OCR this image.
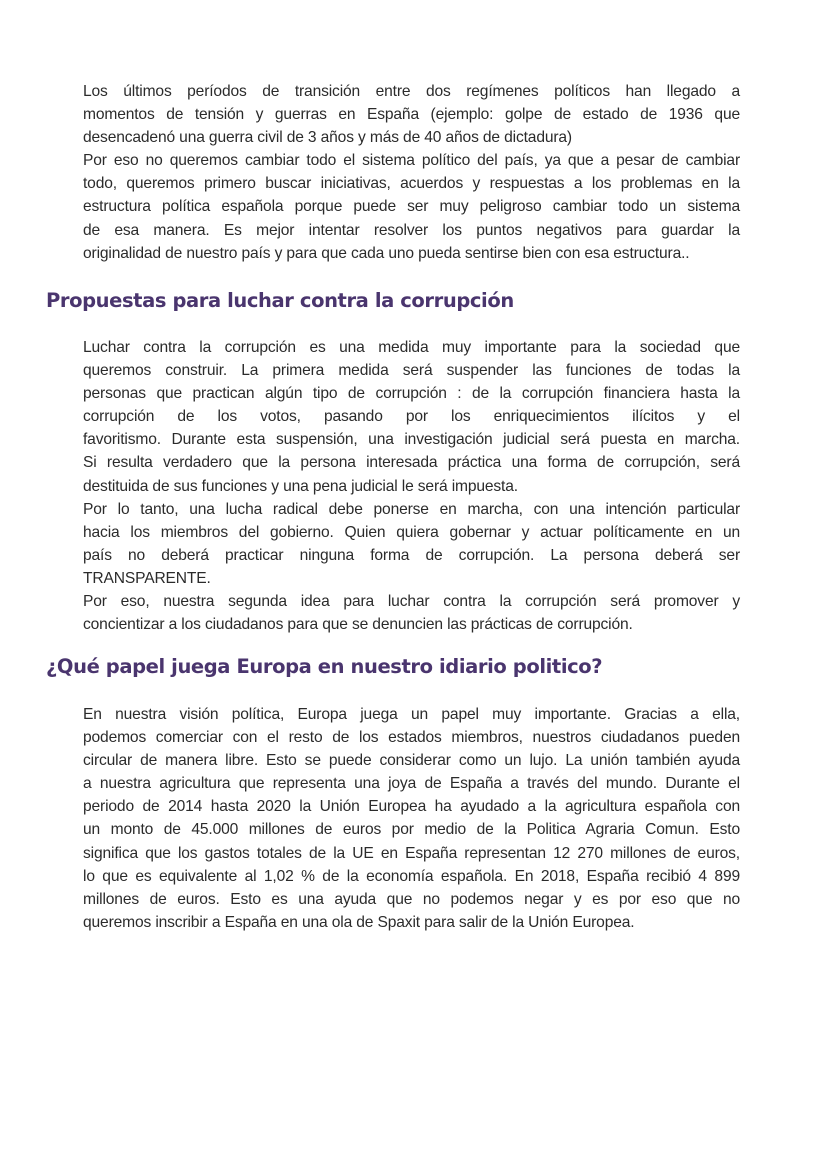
Los últimos períodos de transición entre dos regímenes políticos han llegado a
momentos de tensión y guerras en España (ejemplo: golpe de estado de 1936 que
desencadenó una guerra civil de 3 años y más de 40 años de dictadura)
Por eso no queremos cambiar todo el sistema político del país, ya que a pesar de cambiar
todo, queremos primero buscar iniciativas, acuerdos y respuestas a los problemas en la
estructura política española porque puede ser muy peligroso cambiar todo un sistema
de esa manera. Es mejor intentar resolver los puntos negativos para guardar la
originalidad de nuestro país y para que cada uno pueda sentirse bien con esa estructura..
Propuestas para luchar contra la corrupción
Luchar contra la corrupción es una medida muy importante para la sociedad que
queremos construir. La primera medida será suspender las funciones de todas la
personas que practican algún tipo de corrupción : de la corrupción financiera hasta la
corrupción de los votos, pasando por los enriquecimientos ilícitos y el
favoritismo. Durante esta suspensión, una investigación judicial será puesta en marcha.
Si resulta verdadero que la persona interesada práctica una forma de corrupción, será
destituida de sus funciones y una pena judicial le será impuesta.
Por lo tanto, una lucha radical debe ponerse en marcha, con una intención particular
hacia los miembros del gobierno. Quien quiera gobernar y actuar políticamente en un
país no deberá practicar ninguna forma de corrupción. La persona deberá ser
TRANSPARENTE.
Por eso, nuestra segunda idea para luchar contra la corrupción será promover y
concientizar a los ciudadanos para que se denuncien las prácticas de corrupción.
¿Qué papel juega Europa en nuestro idiario politico?
En nuestra visión política, Europa juega un papel muy importante. Gracias a ella,
podemos comerciar con el resto de los estados miembros, nuestros ciudadanos pueden
circular de manera libre. Esto se puede considerar como un lujo. La unión también ayuda
a nuestra agricultura que representa una joya de España a través del mundo. Durante el
periodo de 2014 hasta 2020 la Unión Europea ha ayudado a la agricultura española con
un monto de 45.000 millones de euros por medio de la Politica Agraria Comun. Esto
significa que los gastos totales de la UE en España representan 12 270 millones de euros,
lo que es equivalente al 1,02 % de la economía española. En 2018, España recibió 4 899
millones de euros. Esto es una ayuda que no podemos negar y es por eso que no
queremos inscribir a España en una ola de Spaxit para salir de la Unión Europea.
